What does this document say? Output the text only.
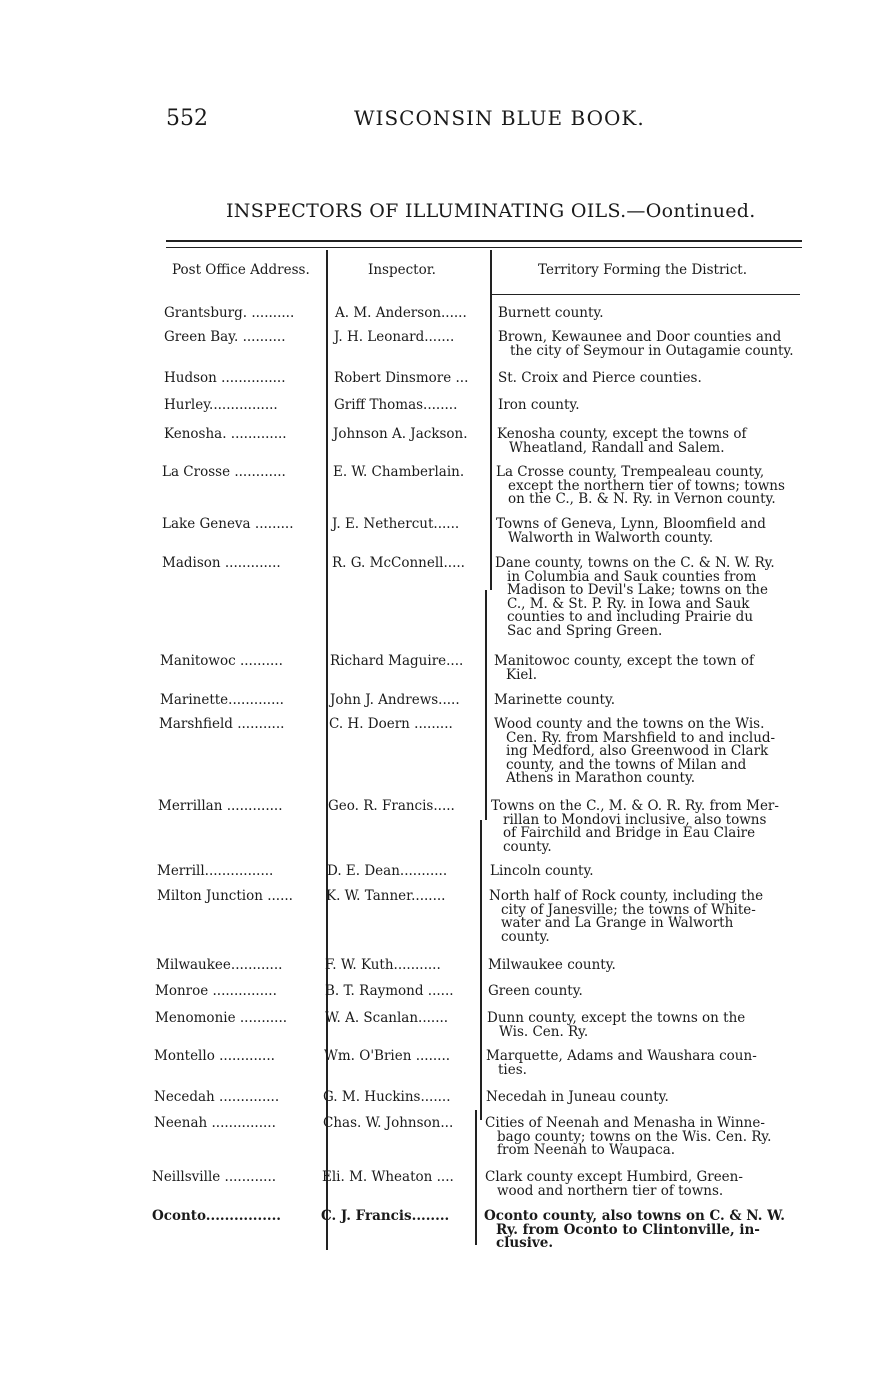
552	WISCONSIN BLUE BOOK.
INSPECTORS OF ILLUMINATING OILS.—Oontinued.
Post Office Address.	Inspector.	Territory Forming the District.
Grantsburg. ..........	A. M. Anderson...... Burnett county.
Green Bay. ..........	J. H. Leonard.......	Brown, Kewaunee and Door counties and
the city of Seymour in Outagamie county.
Hudson ...............	Robert Dinsmore ... St. Croix and Pierce counties.
Hurley................	Griff Thomas........	Iron county.
Kenosha. .............	Johnson A. Jackson. Kenosha county, except the towns of
Wheatland, Randall and Salem.
La Crosse ............	E. W. Chamberlain. La Crosse county, Trempealeau county,
except the northern tier of towns; towns
on the C., B. & N. Ry. in Vernon county.
Lake Geneva .........	J. E. Nethercut......	Towns of Geneva, Lynn, Bloomfield and
Walworth in Walworth county.
Madison .............	R. G. McConnell..... Dane county, towns on the C. & N. W. Ry.
in Columbia and Sauk counties from
Madison to Devil's Lake; towns on the
C., M. & St. P. Ry. in Iowa and Sauk
counties to and including Prairie du
Sac and Spring Green.
Manitowoc ..........	Richard Maguire.... Manitowoc county, except the town of
Kiel.
Marinette.............	John J. Andrews.....	Marinette county.
Marshfield ...........	C. H. Doern .........	Wood county and the towns on the Wis.
Cen. Ry. from Marshfield to and includ-
ing Medford, also Greenwood in Clark
county, and the towns of Milan and
Athens in Marathon county.
Merrillan .............	Geo. R. Francis.....	Towns on the C., M. & O. R. Ry. from Mer-
rillan to Mondovi inclusive, also towns
of Fairchild and Bridge in Eau Claire
county.
Merrill................	D. E. Dean...........	Lincoln county.
Milton Junction ...... K. W. Tanner........	North half of Rock county, including the
city of Janesville; the towns of White-
water and La Grange in Walworth
county.
Milwaukee............	F. W. Kuth...........	Milwaukee county.
Monroe ...............	B. T. Raymond ......	Green county.
Menomonie ...........	W. A. Scanlan.......	Dunn county, except the towns on the
Wis. Cen. Ry.
Montello .............	Wm. O'Brien ........	Marquette, Adams and Waushara coun-
ties.
Necedah ..............	G. M. Huckins.......	Necedah in Juneau county.
Neenah ...............	Chas. W. Johnson... Cities of Neenah and Menasha in Winne-
bago county; towns on the Wis. Cen. Ry.
from Neenah to Waupaca.
Neillsville ............	Eli. M. Wheaton .... Clark county except Humbird, Green-
wood and northern tier of towns.
Oconto................	C. J. Francis........	Oconto county, also towns on C. & N. W.
Ry. from Oconto to Clintonville, in-
clusive.
